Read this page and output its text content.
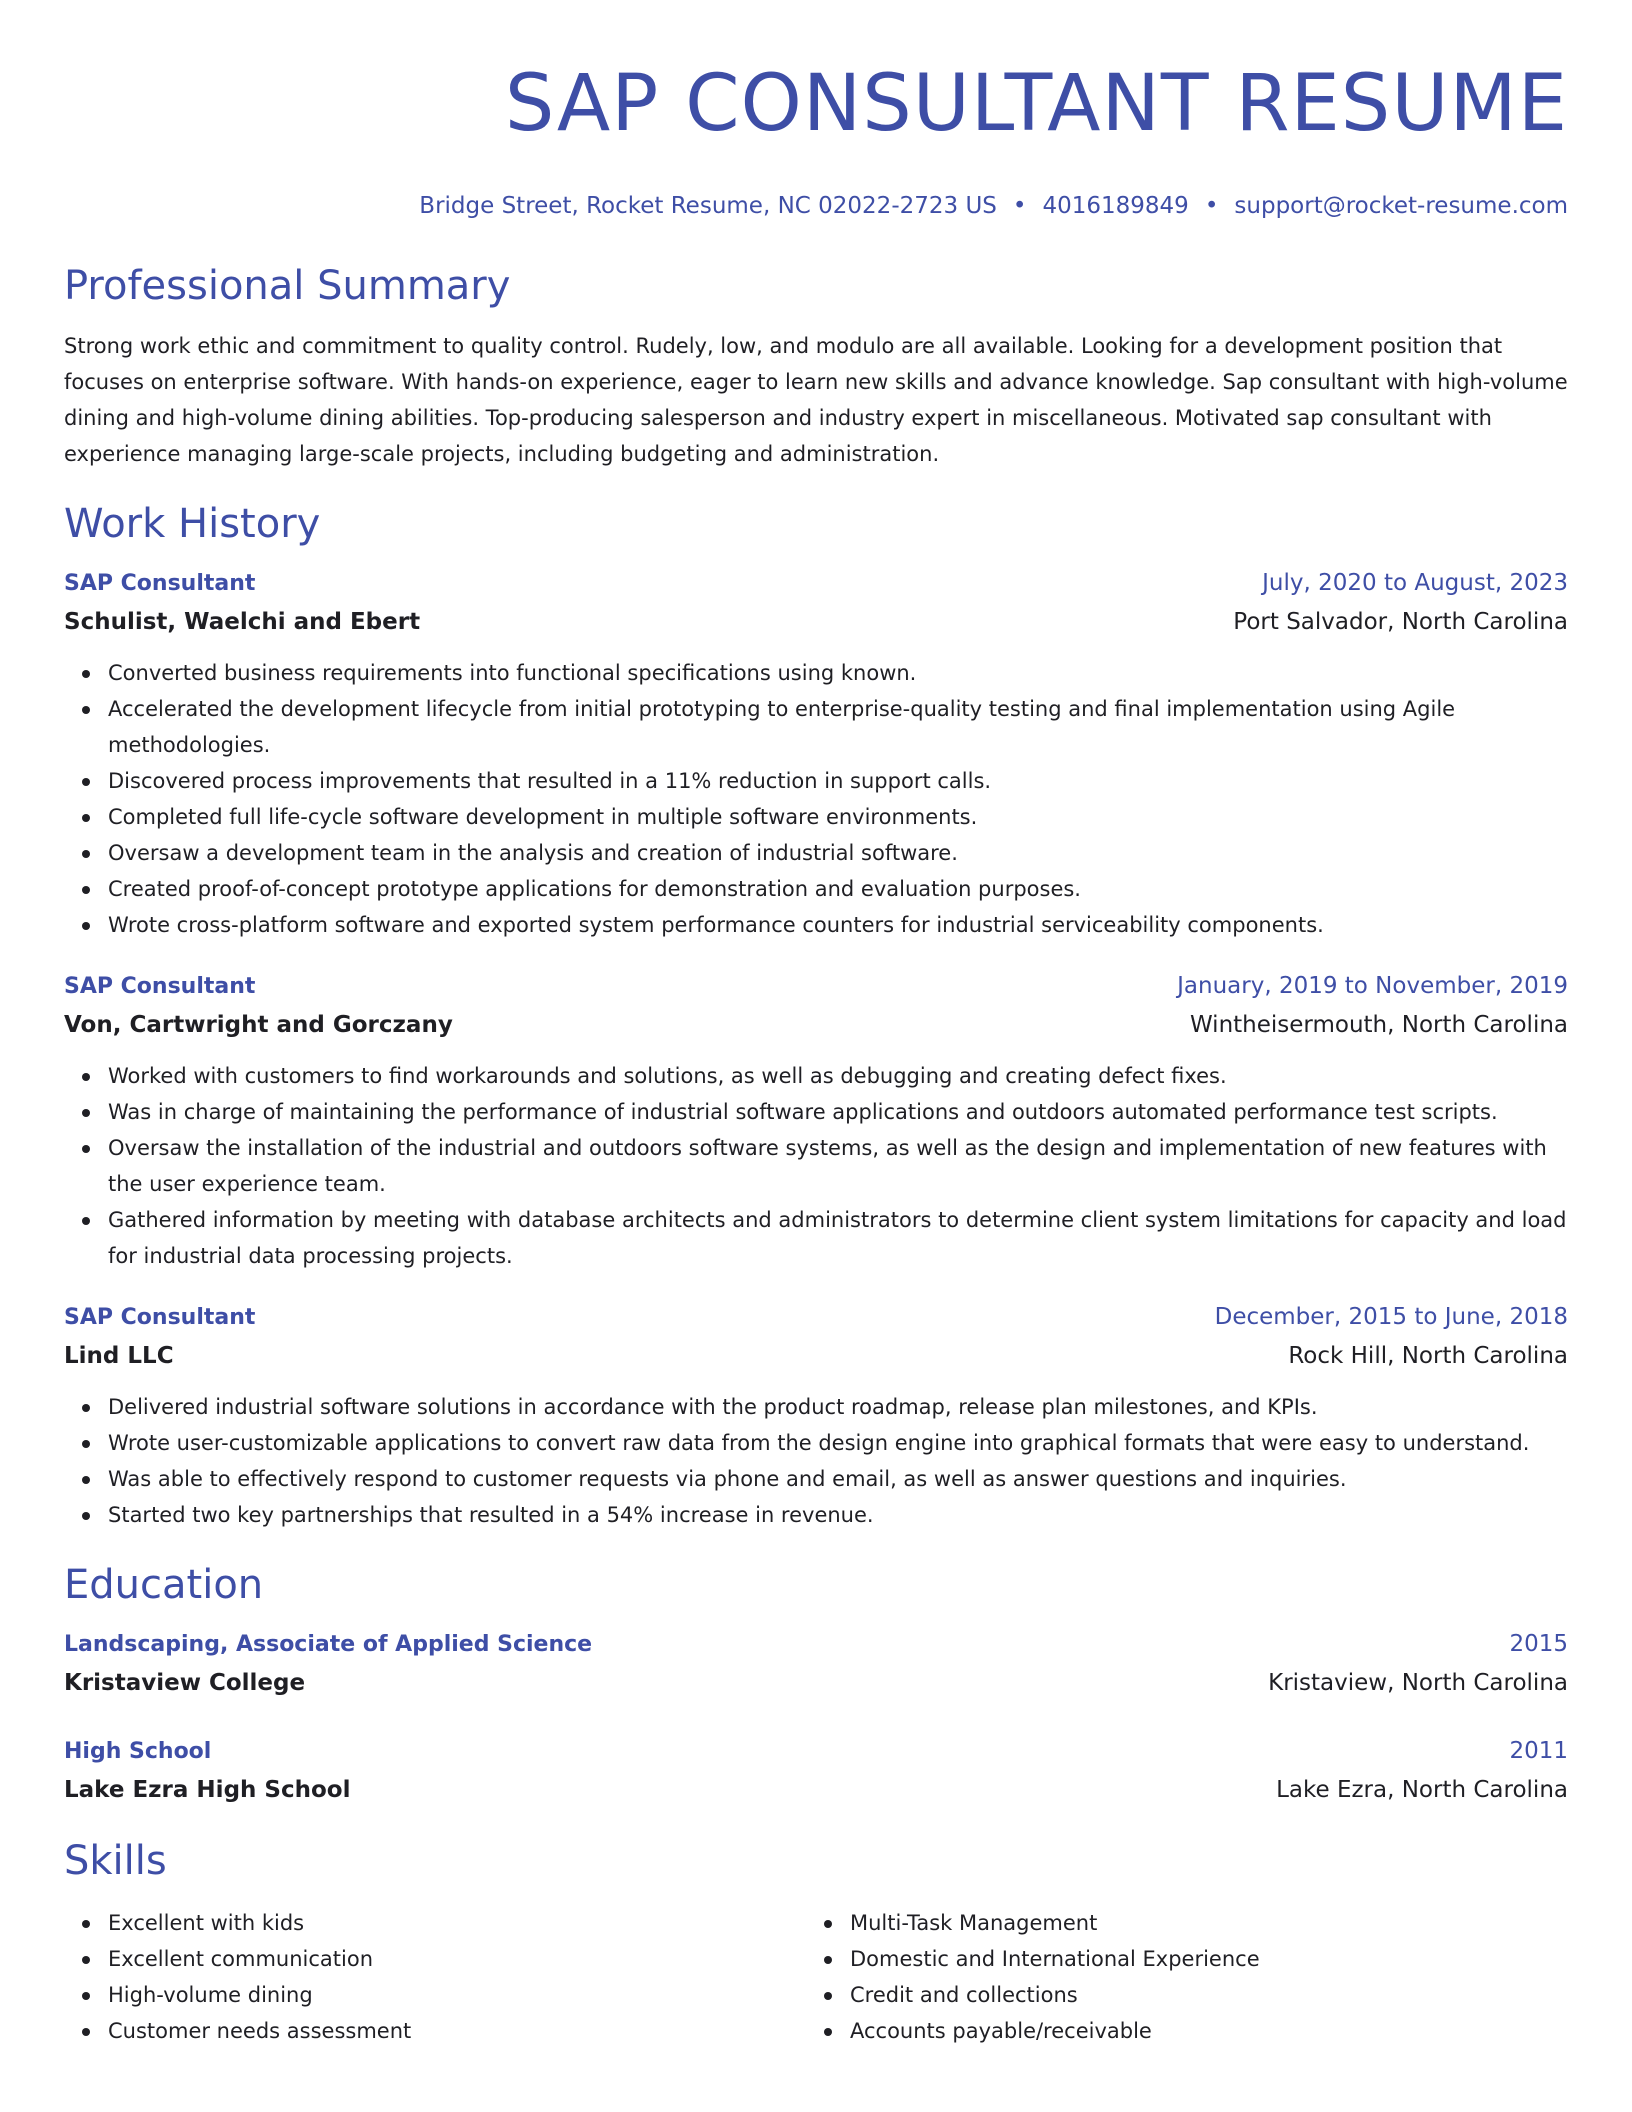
SAP CONSULTANT RESUME
Bridge Street, Rocket Resume, NC 02022-2723 US • 4016189849 • support@rocket-resume.com
Professional Summary

Strong work ethic and commitment to quality control. Rudely, low, and modulo are all available. Looking for a development position that focuses on enterprise software. With hands-on experience, eager to learn new skills and advance knowledge. Sap consultant with high-volume dining and high-volume dining abilities. Top-producing salesperson and industry expert in miscellaneous. Motivated sap consultant with experience managing large-scale projects, including budgeting and administration.

Work History
SAP Consultant	July, 2020 to August, 2023
Schulist, Waelchi and Ebert	Port Salvador, North Carolina
Converted business requirements into functional specifications using known.
Accelerated the development lifecycle from initial prototyping to enterprise-quality testing and final implementation using Agile methodologies.
Discovered process improvements that resulted in a 11% reduction in support calls.
Completed full life-cycle software development in multiple software environments.
Oversaw a development team in the analysis and creation of industrial software.
Created proof-of-concept prototype applications for demonstration and evaluation purposes.
Wrote cross-platform software and exported system performance counters for industrial serviceability components.
SAP Consultant	January, 2019 to November, 2019
Von, Cartwright and Gorczany	Wintheisermouth, North Carolina
Worked with customers to find workarounds and solutions, as well as debugging and creating defect fixes.
Was in charge of maintaining the performance of industrial software applications and outdoors automated performance test scripts.
Oversaw the installation of the industrial and outdoors software systems, as well as the design and implementation of new features with the user experience team.
Gathered information by meeting with database architects and administrators to determine client system limitations for capacity and load for industrial data processing projects.
SAP Consultant	December, 2015 to June, 2018
Lind LLC	Rock Hill, North Carolina
Delivered industrial software solutions in accordance with the product roadmap, release plan milestones, and KPIs.
Wrote user-customizable applications to convert raw data from the design engine into graphical formats that were easy to understand.
Was able to effectively respond to customer requests via phone and email, as well as answer questions and inquiries.
Started two key partnerships that resulted in a 54% increase in revenue.
Education
Landscaping, Associate of Applied Science	2015
Kristaview College	Kristaview, North Carolina
High School	2011
Lake Ezra High School	Lake Ezra, North Carolina
Skills
Excellent with kids
Excellent communication
High-volume dining
Customer needs assessment
Multi-Task Management
Domestic and International Experience
Credit and collections
Accounts payable/receivable
